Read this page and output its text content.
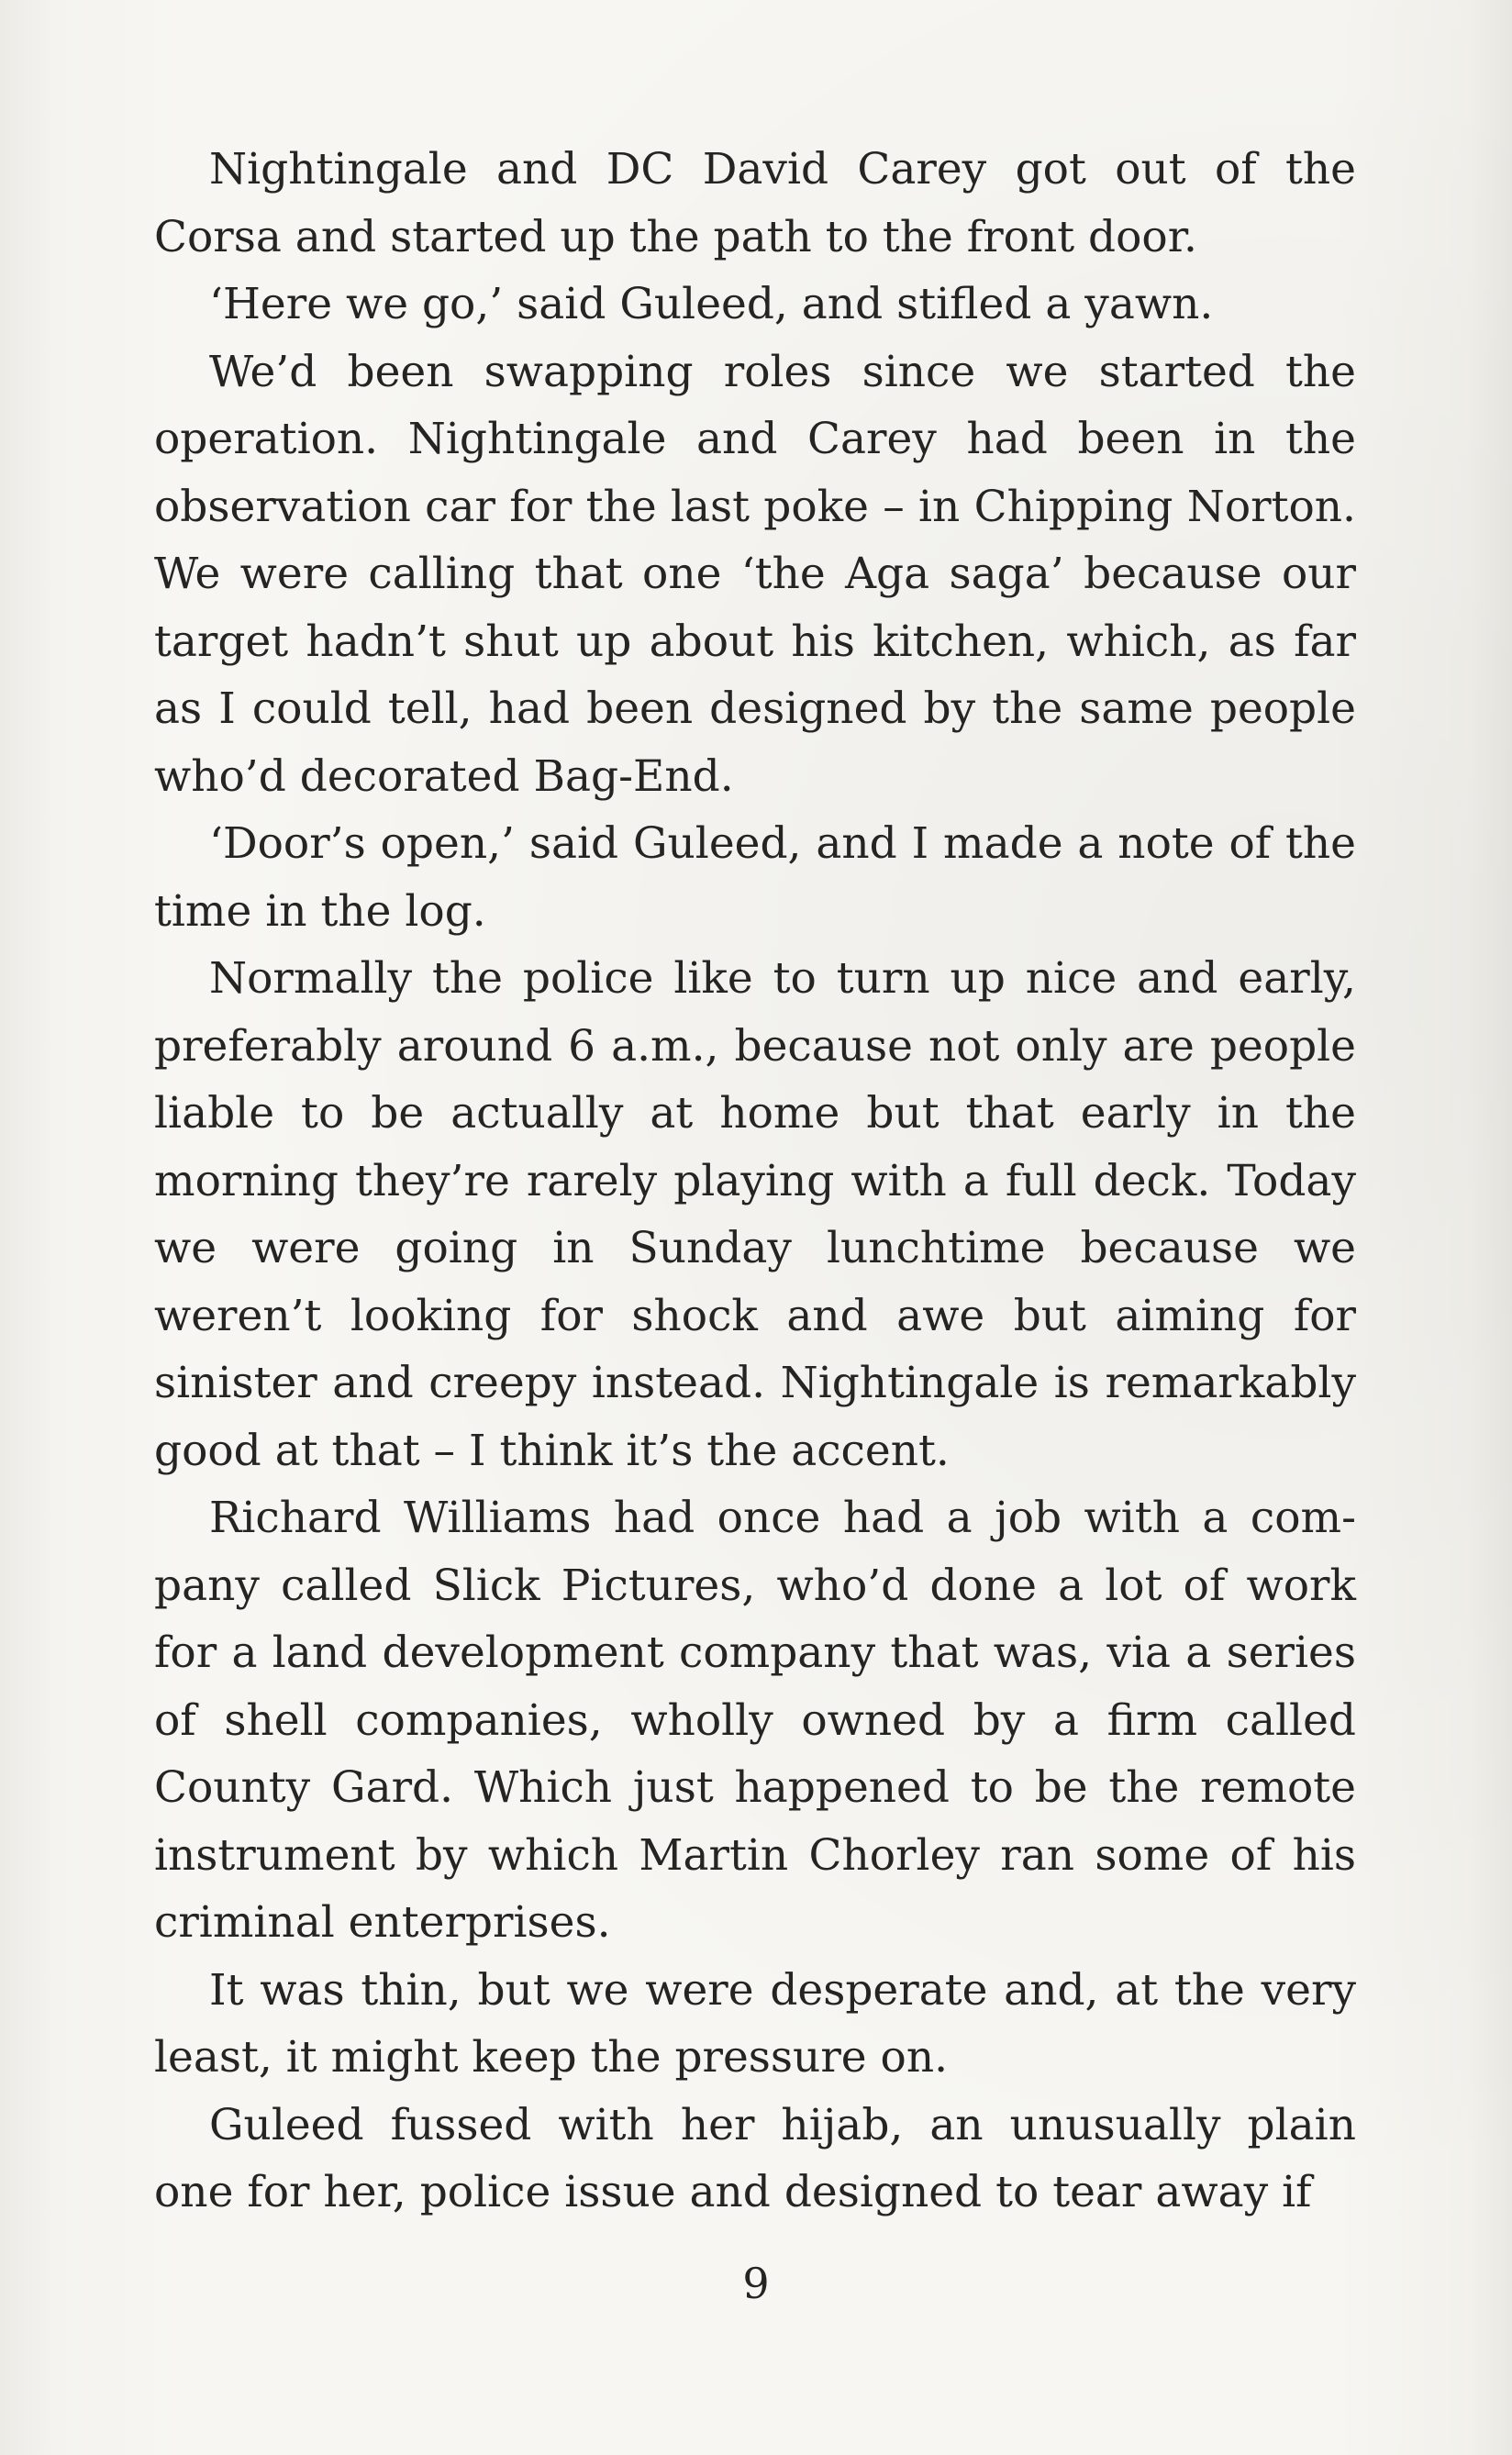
Nightingale and DC David Carey got out of the Corsa and started up the path to the front door.

‘Here we go,’ said Guleed, and stifled a yawn.

We’d been swapping roles since we started the operation. Nightingale and Carey had been in the observation car for the last poke – in Chipping Norton. We were calling that one ‘the Aga saga’ because our target hadn’t shut up about his kitchen, which, as far as I could tell, had been designed by the same people who’d decorated Bag-End.

‘Door’s open,’ said Guleed, and I made a note of the time in the log.

Normally the police like to turn up nice and early, preferably around 6 a.m., because not only are people liable to be actually at home but that early in the morning they’re rarely playing with a full deck. Today we were going in Sunday lunchtime because we weren’t looking for shock and awe but aiming for sinister and creepy instead. Nightingale is remarkably good at that – I think it’s the accent.

Richard Williams had once had a job with a company called Slick Pictures, who’d done a lot of work for a land development company that was, via a series of shell companies, wholly owned by a firm called County Gard. Which just happened to be the remote instrument by which Martin Chorley ran some of his criminal enterprises.

It was thin, but we were desperate and, at the very least, it might keep the pressure on.

Guleed fussed with her hijab, an unusually plain one for her, police issue and designed to tear away if

9
